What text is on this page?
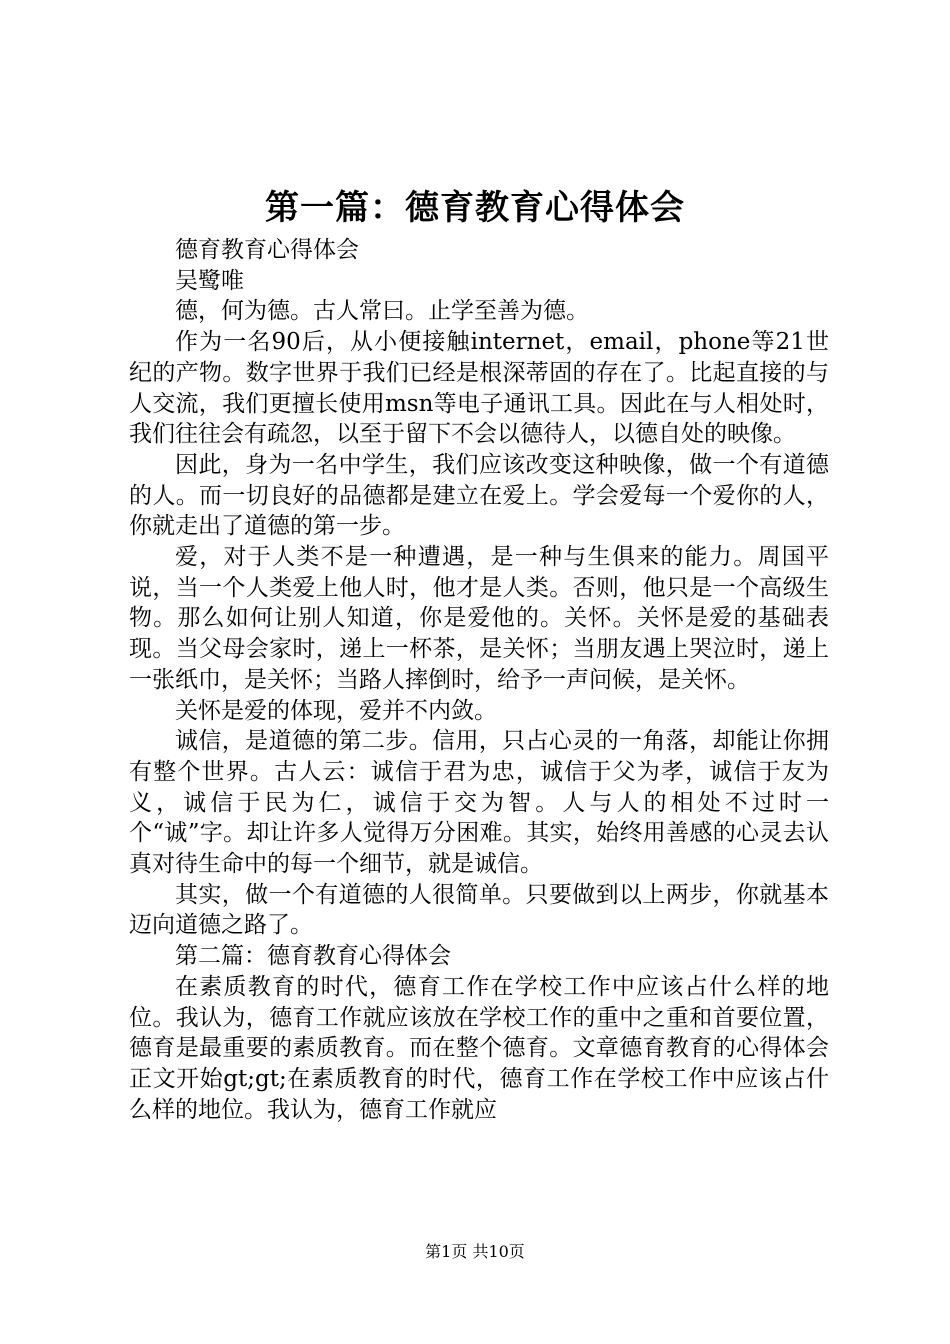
第一篇：德育教育心得体会

德育教育心得体会

吴鹭唯

德，何为德。古人常曰。止学至善为德。

作为一名90后，从小便接触internet，email，phone等21世纪的产物。数字世界于我们已经是根深蒂固的存在了。比起直接的与人交流，我们更擅长使用msn等电子通讯工具。因此在与人相处时，我们往往会有疏忽，以至于留下不会以德待人，以德自处的映像。

因此，身为一名中学生，我们应该改变这种映像，做一个有道德的人。而一切良好的品德都是建立在爱上。学会爱每一个爱你的人，你就走出了道德的第一步。

爱，对于人类不是一种遭遇，是一种与生俱来的能力。周国平说，当一个人类爱上他人时，他才是人类。否则，他只是一个高级生物。那么如何让别人知道，你是爱他的。关怀。关怀是爱的基础表现。当父母会家时，递上一杯茶，是关怀；当朋友遇上哭泣时，递上一张纸巾，是关怀；当路人摔倒时，给予一声问候，是关怀。

关怀是爱的体现，爱并不内敛。

诚信，是道德的第二步。信用，只占心灵的一角落，却能让你拥有整个世界。古人云：诚信于君为忠，诚信于父为孝，诚信于友为义，诚信于民为仁，诚信于交为智。人与人的相处不过时一个“诚”字。却让许多人觉得万分困难。其实，始终用善感的心灵去认真对待生命中的每一个细节，就是诚信。

其实，做一个有道德的人很简单。只要做到以上两步，你就基本迈向道德之路了。

第二篇：德育教育心得体会

在素质教育的时代，德育工作在学校工作中应该占什么样的地位。我认为，德育工作就应该放在学校工作的重中之重和首要位置，德育是最重要的素质教育。而在整个德育。文章德育教育的心得体会正文开始gt;gt;在素质教育的时代，德育工作在学校工作中应该占什么样的地位。我认为，德育工作就应

第1页 共10页
